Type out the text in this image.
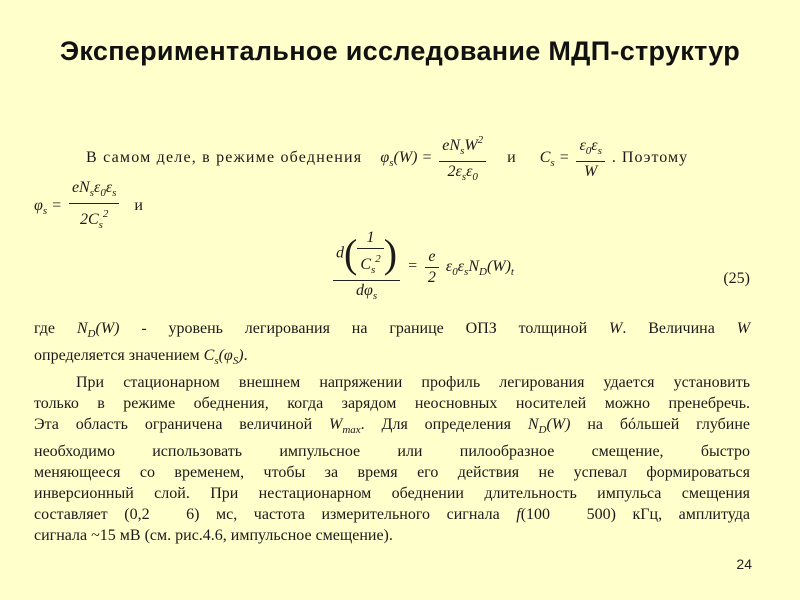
Экспериментальное исследование МДП-структур
В самом деле, в режиме обеднения $\varphi_s(W) = \frac{eN_sW^2}{2\varepsilon_s\varepsilon_0}$ и $C_s = \frac{\varepsilon_0\varepsilon_s}{W}$ . Поэтому
$\varphi_s = \frac{eN_s\varepsilon_0\varepsilon_s}{2C_s^2}$ и
$\frac{d( \frac{1}{C_s^2} )}{d\varphi_s} = \frac{e}{2} \varepsilon_0\varepsilon_sN_D(W)_t$	(25)
где $N_D(W)$ - уровень легирования на границе ОПЗ толщиной W. Величина W
определяется значением $C_s(\varphi_S)$.
При стационарном внешнем напряжении профиль легирования удается установить
только в режиме обеднения, когда зарядом неосновных носителей можно пренебречь.
Эта область ограничена величиной $W_{max}$. Для определения $N_D(W)$ на бóльшей глубине
необходимо использовать импульсное или пилообразное смещение, быстро
меняющееся со временем, чтобы за время его действия не успевал формироваться
инверсионный слой. При нестационарном обеднении длительность импульса смещения
составляет (0,2 6) мс, частота измерительного сигнала f(100 500) кГц, амплитуда
сигнала ~15 мВ (см. рис.4.6, импульсное смещение).
24
